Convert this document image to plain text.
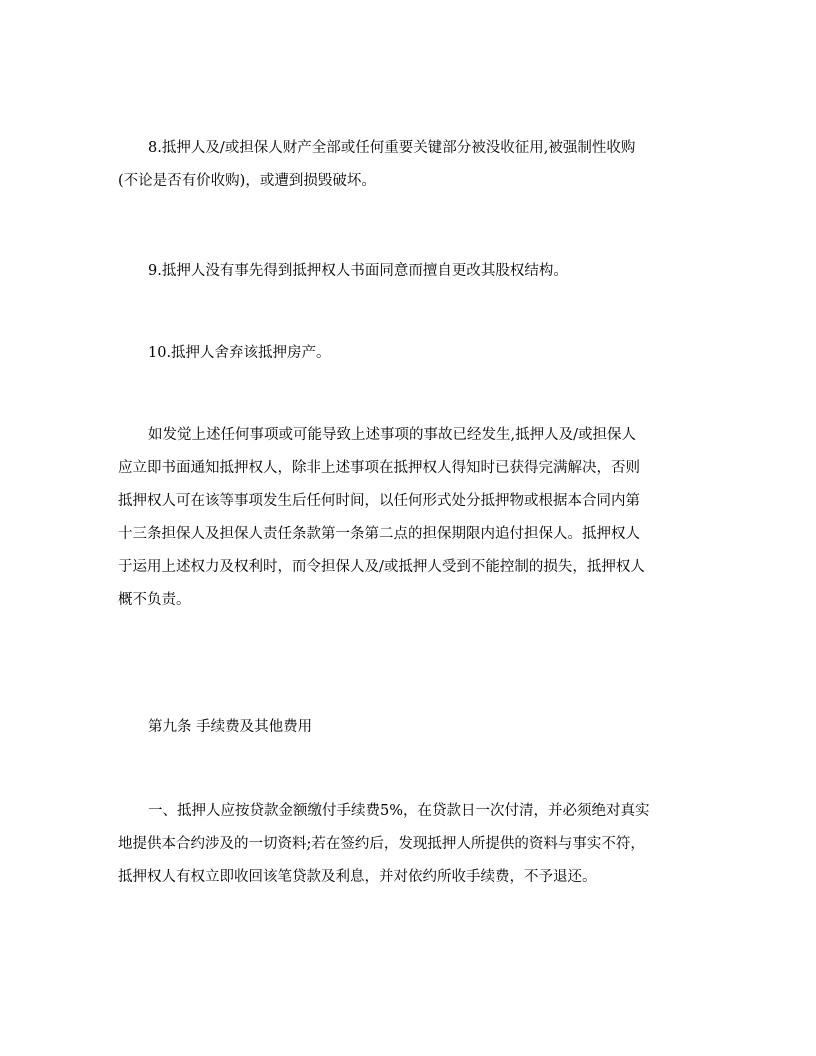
8.抵押人及/或担保人财产全部或任何重要关键部分被没收征用,被强制性收购
(不论是否有价收购)，或遭到损毁破坏。
9.抵押人没有事先得到抵押权人书面同意而擅自更改其股权结构。
10.抵押人舍弃该抵押房产。
如发觉上述任何事项或可能导致上述事项的事故已经发生,抵押人及/或担保人
应立即书面通知抵押权人，除非上述事项在抵押权人得知时已获得完满解决，否则
抵押权人可在该等事项发生后任何时间，以任何形式处分抵押物或根据本合同内第
十三条担保人及担保人责任条款第一条第二点的担保期限内追付担保人。抵押权人
于运用上述权力及权利时，而令担保人及/或抵押人受到不能控制的损失，抵押权人
概不负责。
第九条 手续费及其他费用
一、抵押人应按贷款金额缴付手续费5%，在贷款日一次付清，并必须绝对真实
地提供本合约涉及的一切资料;若在签约后，发现抵押人所提供的资料与事实不符，
抵押权人有权立即收回该笔贷款及利息，并对依约所收手续费，不予退还。
